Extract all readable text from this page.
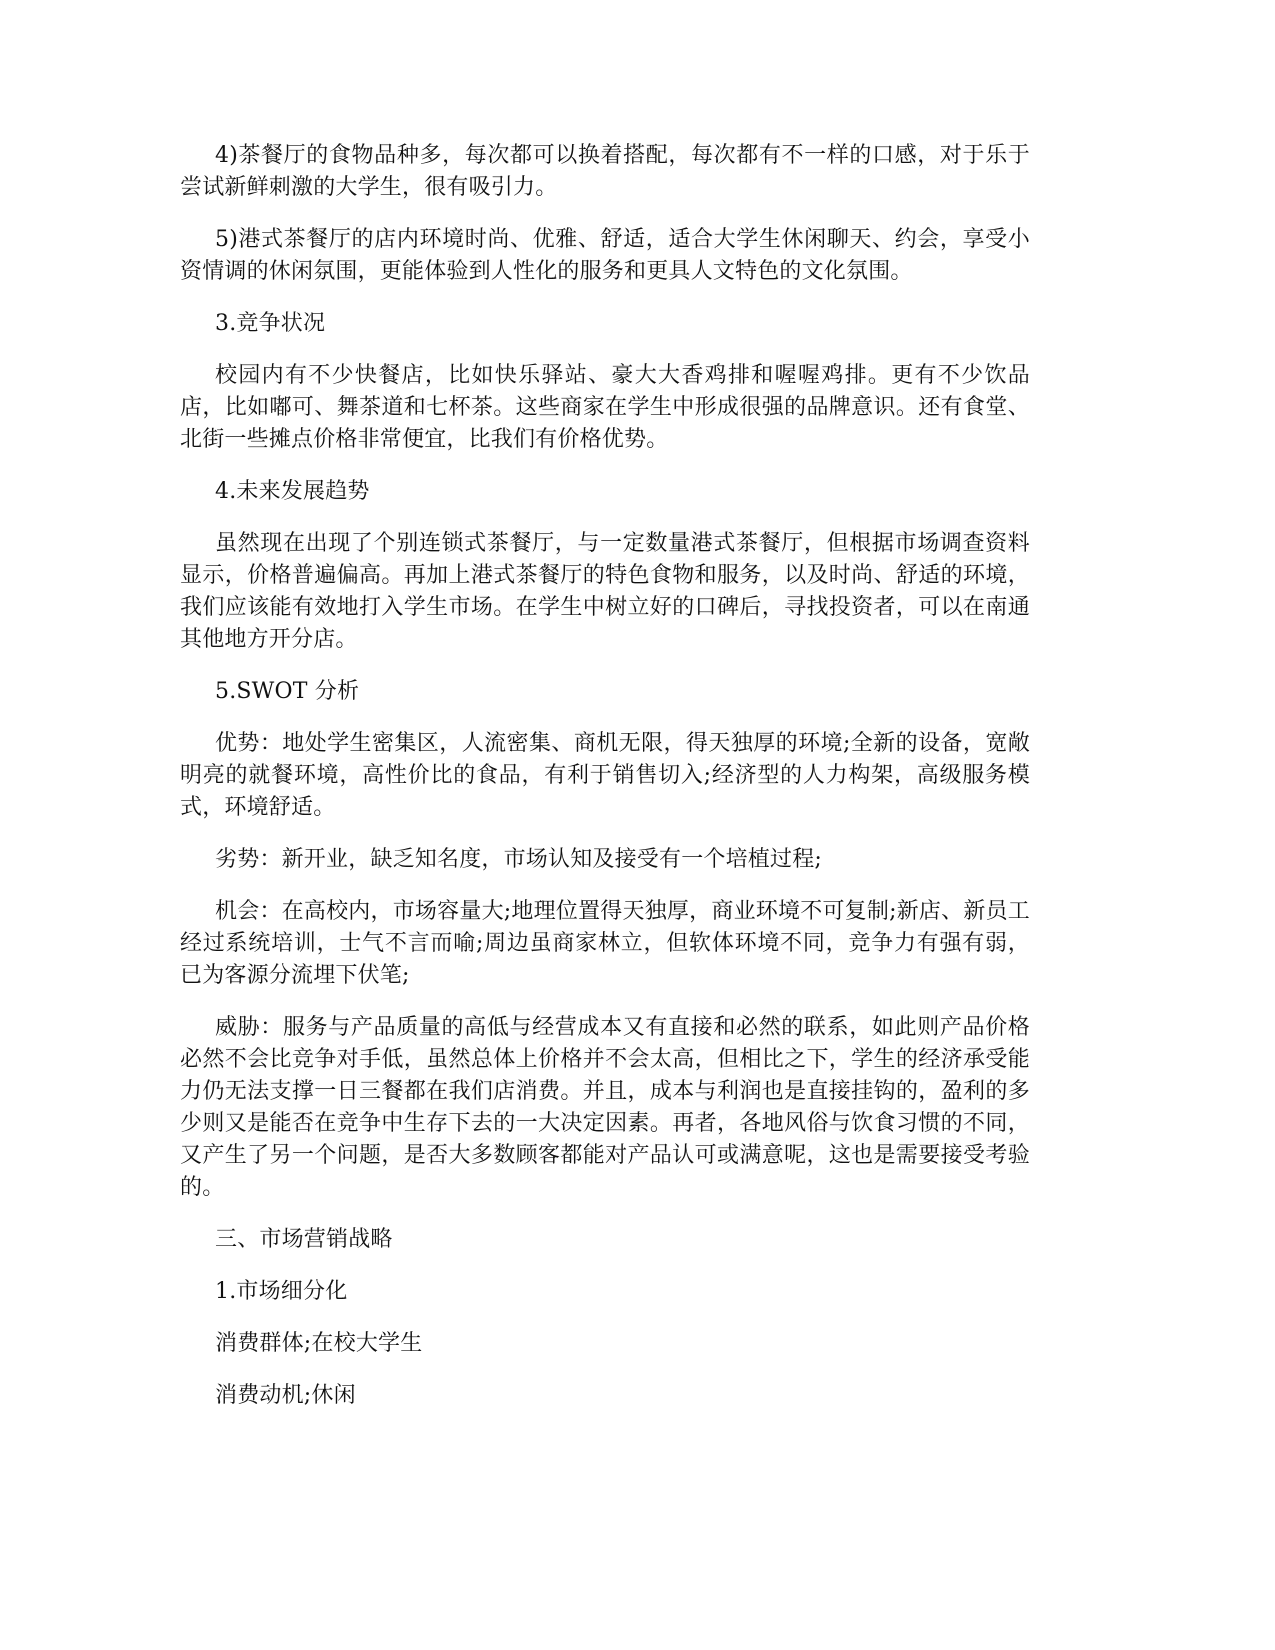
4)茶餐厅的食物品种多，每次都可以换着搭配，每次都有不一样的口感，对于乐于尝试新鲜刺激的大学生，很有吸引力。

5)港式茶餐厅的店内环境时尚、优雅、舒适，适合大学生休闲聊天、约会，享受小资情调的休闲氛围，更能体验到人性化的服务和更具人文特色的文化氛围。

3.竞争状况

校园内有不少快餐店，比如快乐驿站、豪大大香鸡排和喔喔鸡排。更有不少饮品店，比如嘟可、舞茶道和七杯茶。这些商家在学生中形成很强的品牌意识。还有食堂、北街一些摊点价格非常便宜，比我们有价格优势。

4.未来发展趋势

虽然现在出现了个别连锁式茶餐厅，与一定数量港式茶餐厅，但根据市场调查资料显示，价格普遍偏高。再加上港式茶餐厅的特色食物和服务，以及时尚、舒适的环境，我们应该能有效地打入学生市场。在学生中树立好的口碑后，寻找投资者，可以在南通其他地方开分店。

5.SWOT 分析

优势：地处学生密集区，人流密集、商机无限，得天独厚的环境;全新的设备，宽敞明亮的就餐环境，高性价比的食品，有利于销售切入;经济型的人力构架，高级服务模式，环境舒适。

劣势：新开业，缺乏知名度，市场认知及接受有一个培植过程;

机会：在高校内，市场容量大;地理位置得天独厚，商业环境不可复制;新店、新员工经过系统培训，士气不言而喻;周边虽商家林立，但软体环境不同，竞争力有强有弱，已为客源分流埋下伏笔;

威胁：服务与产品质量的高低与经营成本又有直接和必然的联系，如此则产品价格必然不会比竞争对手低，虽然总体上价格并不会太高，但相比之下，学生的经济承受能力仍无法支撑一日三餐都在我们店消费。并且，成本与利润也是直接挂钩的，盈利的多少则又是能否在竞争中生存下去的一大决定因素。再者，各地风俗与饮食习惯的不同，又产生了另一个问题，是否大多数顾客都能对产品认可或满意呢，这也是需要接受考验的。

三、市场营销战略

1.市场细分化

消费群体;在校大学生

消费动机;休闲
